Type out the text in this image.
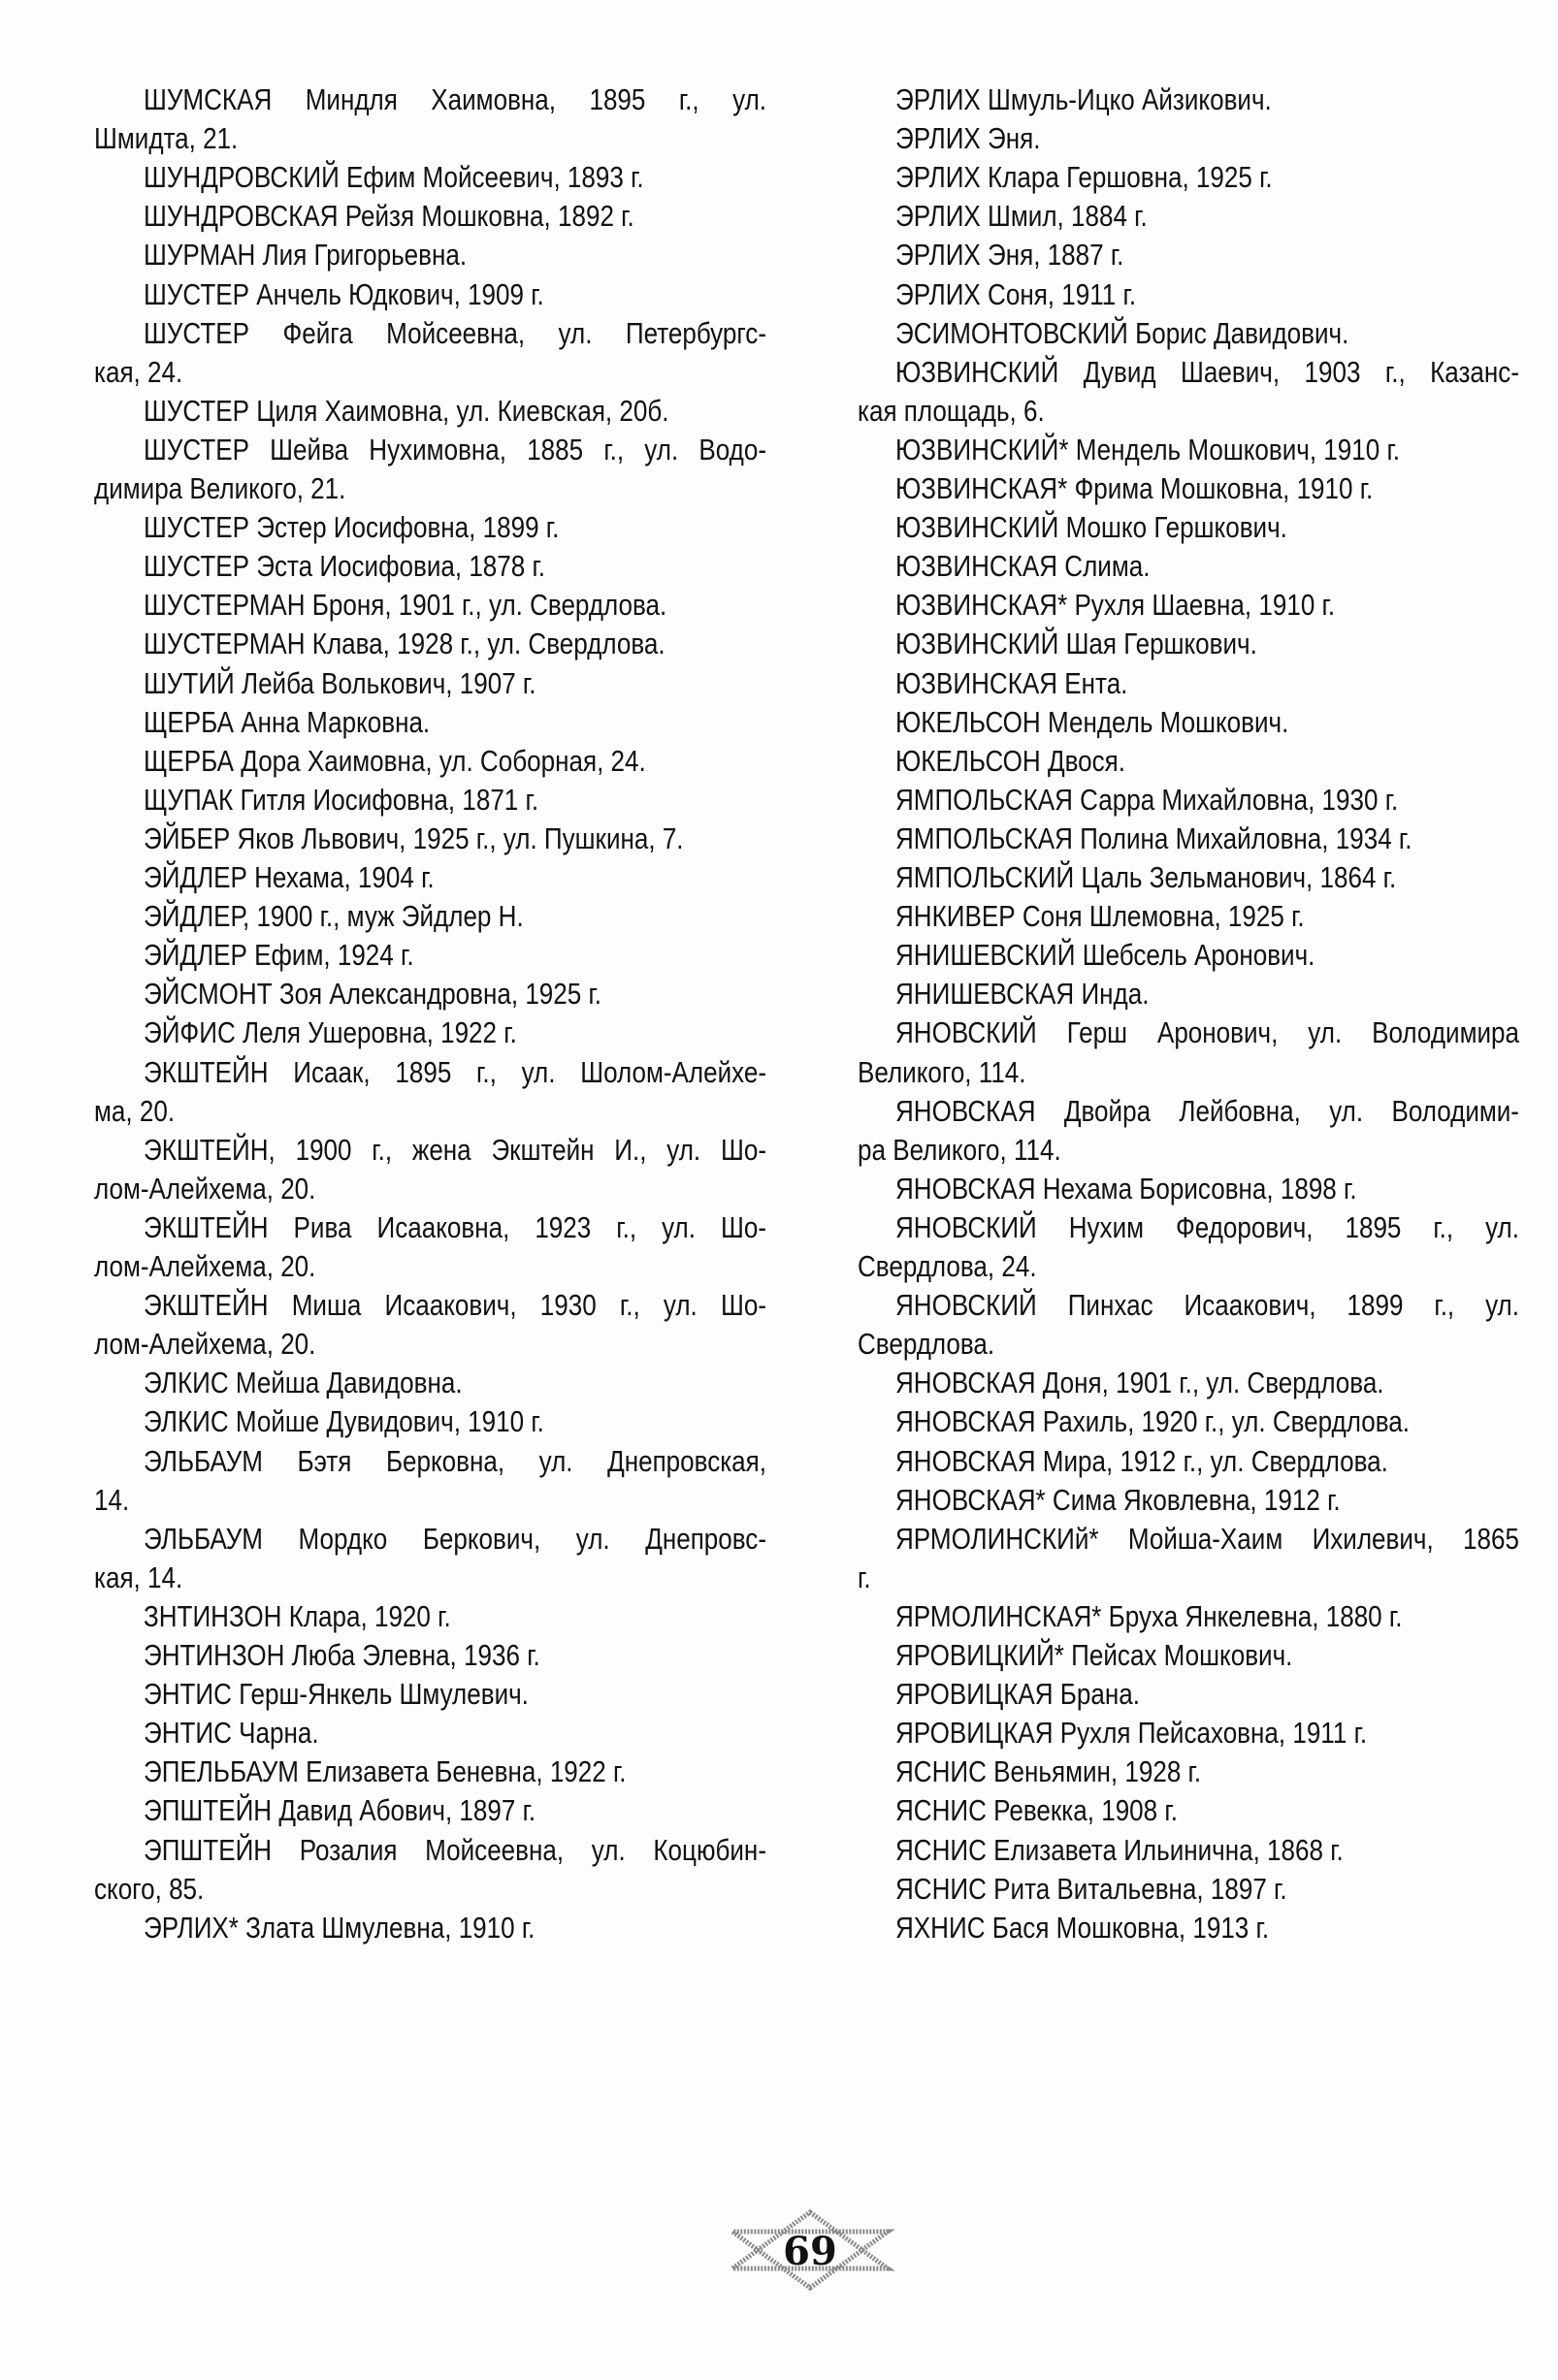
ШУМСКАЯ Миндля Хаимовна, 1895 г., ул.
Шмидта, 21.
ШУНДРОВСКИЙ Ефим Мойсеевич, 1893 г.
ШУНДРОВСКАЯ Рейзя Мошковна, 1892 г.
ШУРМАН Лия Григорьевна.
ШУСТЕР Анчель Юдкович, 1909 г.
ШУСТЕР Фейга Мойсеевна, ул. Петербургс-
кая, 24.
ШУСТЕР Циля Хаимовна, ул. Киевская, 20б.
ШУСТЕР Шейва Нухимовна, 1885 г., ул. Водо-
димира Великого, 21.
ШУСТЕР Эстер Иосифовна, 1899 г.
ШУСТЕР Эста Иосифовиа, 1878 г.
ШУСТЕРМАН Броня, 1901 г., ул. Свердлова.
ШУСТЕРМАН Клава, 1928 г., ул. Свердлова.
ШУТИЙ Лейба Волькович, 1907 г.
ЩЕРБА Анна Марковна.
ЩЕРБА Дора Хаимовна, ул. Соборная, 24.
ЩУПАК Гитля Иосифовна, 1871 г.
ЭЙБЕР Яков Львович, 1925 г., ул. Пушкина, 7.
ЭЙДЛЕР Нехама, 1904 г.
ЭЙДЛЕР, 1900 г., муж Эйдлер Н.
ЭЙДЛЕР Ефим, 1924 г.
ЭЙСМОНТ Зоя Александровна, 1925 г.
ЭЙФИС Леля Ушеровна, 1922 г.
ЭКШТЕЙН Исаак, 1895 г., ул. Шолом-Алейхе-
ма, 20.
ЭКШТЕЙН, 1900 г., жена Экштейн И., ул. Шо-
лом-Алейхема, 20.
ЭКШТЕЙН Рива Исааковна, 1923 г., ул. Шо-
лом-Алейхема, 20.
ЭКШТЕЙН Миша Исаакович, 1930 г., ул. Шо-
лом-Алейхема, 20.
ЭЛКИС Мейша Давидовна.
ЭЛКИС Мойше Дувидович, 1910 г.
ЭЛЬБАУМ Бэтя Берковна, ул. Днепровская,
14.
ЭЛЬБАУМ Мордко Беркович, ул. Днепровс-
кая, 14.
ЗНТИНЗОН Клара, 1920 г.
ЭНТИНЗОН Люба Элевна, 1936 г.
ЭНТИС Герш-Янкель Шмулевич.
ЭНТИС Чарна.
ЭПЕЛЬБАУМ Елизавета Беневна, 1922 г.
ЭПШТЕЙН Давид Абович, 1897 г.
ЭПШТЕЙН Розалия Мойсеевна, ул. Коцюбин-
ского, 85.
ЭРЛИХ* Злата Шмулевна, 1910 г.
ЭРЛИХ Шмуль-Ицко Айзикович.
ЭРЛИХ Эня.
ЭРЛИХ Клара Гершовна, 1925 г.
ЭРЛИХ Шмил, 1884 г.
ЭРЛИХ Эня, 1887 г.
ЭРЛИХ Соня, 1911 г.
ЭСИМОНТОВСКИЙ Борис Давидович.
ЮЗВИНСКИЙ Дувид Шаевич, 1903 г., Казанс-
кая площадь, 6.
ЮЗВИНСКИЙ* Мендель Мошкович, 1910 г.
ЮЗВИНСКАЯ* Фрима Мошковна, 1910 г.
ЮЗВИНСКИЙ Мошко Гершкович.
ЮЗВИНСКАЯ Слима.
ЮЗВИНСКАЯ* Рухля Шаевна, 1910 г.
ЮЗВИНСКИЙ Шая Гершкович.
ЮЗВИНСКАЯ Ента.
ЮКЕЛЬСОН Мендель Мошкович.
ЮКЕЛЬСОН Двося.
ЯМПОЛЬСКАЯ Сарра Михайловна, 1930 г.
ЯМПОЛЬСКАЯ Полина Михайловна, 1934 г.
ЯМПОЛЬСКИЙ Цаль Зельманович, 1864 г.
ЯНКИВЕР Соня Шлемовна, 1925 г.
ЯНИШЕВСКИЙ Шебсель Аронович.
ЯНИШЕВСКАЯ Инда.
ЯНОВСКИЙ Герш Аронович, ул. Володимира
Великого, 114.
ЯНОВСКАЯ Двойра Лейбовна, ул. Володими-
ра Великого, 114.
ЯНОВСКАЯ Нехама Борисовна, 1898 г.
ЯНОВСКИЙ Нухим Федорович, 1895 г., ул.
Свердлова, 24.
ЯНОВСКИЙ Пинхас Исаакович, 1899 г., ул.
Свердлова.
ЯНОВСКАЯ Доня, 1901 г., ул. Свердлова.
ЯНОВСКАЯ Рахиль, 1920 г., ул. Свердлова.
ЯНОВСКАЯ Мира, 1912 г., ул. Свердлова.
ЯНОВСКАЯ* Сима Яковлевна, 1912 г.
ЯРМОЛИНСКИй* Мойша-Хаим Ихилевич, 1865
г.
ЯРМОЛИНСКАЯ* Бруха Янкелевна, 1880 г.
ЯРОВИЦКИЙ* Пейсах Мошкович.
ЯРОВИЦКАЯ Брана.
ЯРОВИЦКАЯ Рухля Пейсаховна, 1911 г.
ЯСНИС Веньямин, 1928 г.
ЯСНИС Ревекка, 1908 г.
ЯСНИС Елизавета Ильинична, 1868 г.
ЯСНИС Рита Витальевна, 1897 г.
ЯХНИС Бася Мошковна, 1913 г.
69
